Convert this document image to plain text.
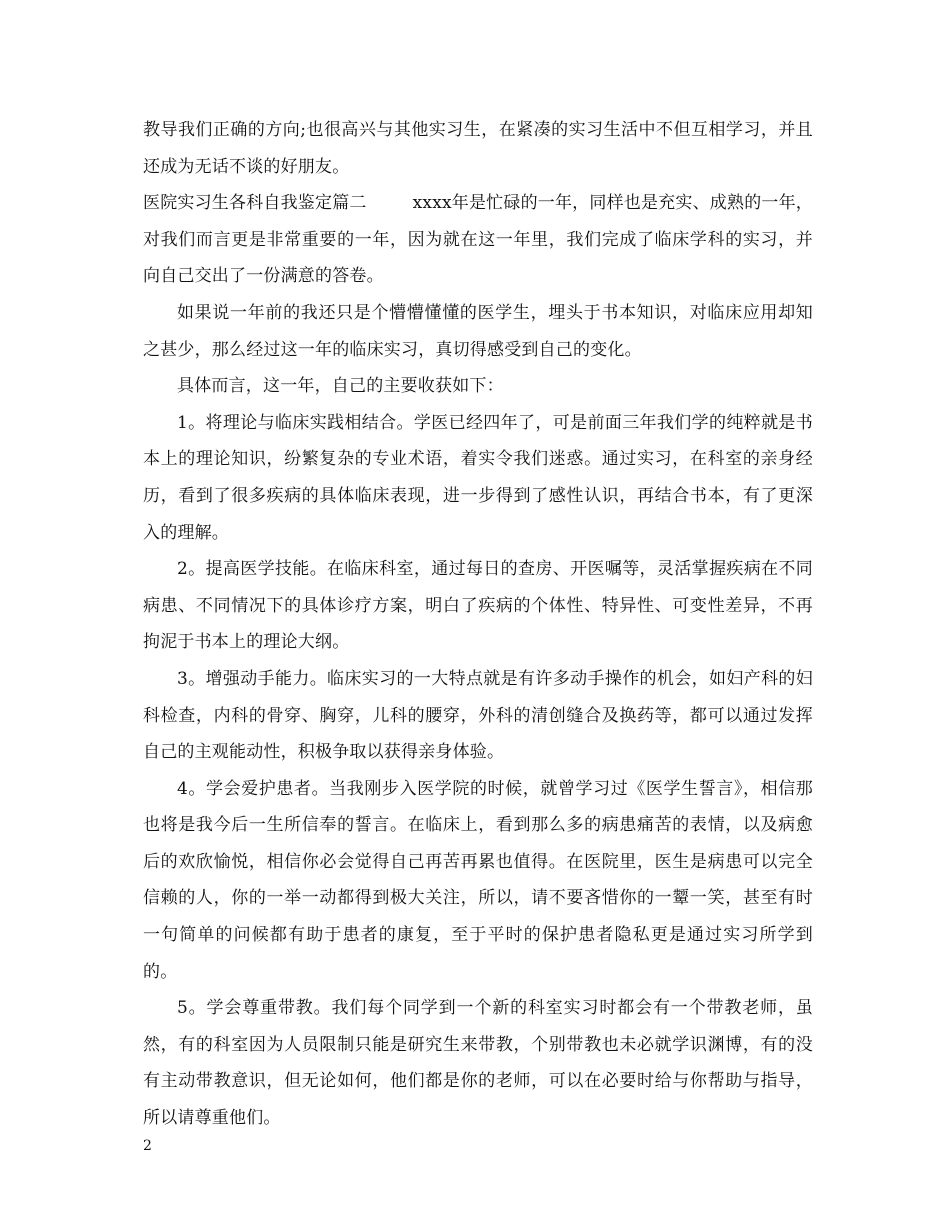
教导我们正确的方向;也很高兴与其他实习生，在紧凑的实习生活中不但互相学习，并且还成为无话不谈的好朋友。

医院实习生各科自我鉴定篇二	xxxx年是忙碌的一年，同样也是充实、成熟的一年，对我们而言更是非常重要的一年，因为就在这一年里，我们完成了临床学科的实习，并向自己交出了一份满意的答卷。

如果说一年前的我还只是个懵懵懂懂的医学生，埋头于书本知识，对临床应用却知之甚少，那么经过这一年的临床实习，真切得感受到自己的变化。

具体而言，这一年，自己的主要收获如下：

1。将理论与临床实践相结合。学医已经四年了，可是前面三年我们学的纯粹就是书本上的理论知识，纷繁复杂的专业术语，着实令我们迷惑。通过实习，在科室的亲身经历，看到了很多疾病的具体临床表现，进一步得到了感性认识，再结合书本，有了更深入的理解。

2。提高医学技能。在临床科室，通过每日的查房、开医嘱等，灵活掌握疾病在不同病患、不同情况下的具体诊疗方案，明白了疾病的个体性、特异性、可变性差异，不再拘泥于书本上的理论大纲。

3。增强动手能力。临床实习的一大特点就是有许多动手操作的机会，如妇产科的妇科检查，内科的骨穿、胸穿，儿科的腰穿，外科的清创缝合及换药等，都可以通过发挥自己的主观能动性，积极争取以获得亲身体验。

4。学会爱护患者。当我刚步入医学院的时候，就曾学习过《医学生誓言》，相信那也将是我今后一生所信奉的誓言。在临床上，看到那么多的病患痛苦的表情，以及病愈后的欢欣愉悦，相信你必会觉得自己再苦再累也值得。在医院里，医生是病患可以完全信赖的人，你的一举一动都得到极大关注，所以，请不要吝惜你的一颦一笑，甚至有时一句简单的问候都有助于患者的康复，至于平时的保护患者隐私更是通过实习所学到的。

5。学会尊重带教。我们每个同学到一个新的科室实习时都会有一个带教老师，虽然，有的科室因为人员限制只能是研究生来带教，个别带教也未必就学识渊博，有的没有主动带教意识，但无论如何，他们都是你的老师，可以在必要时给与你帮助与指导，所以请尊重他们。

2
